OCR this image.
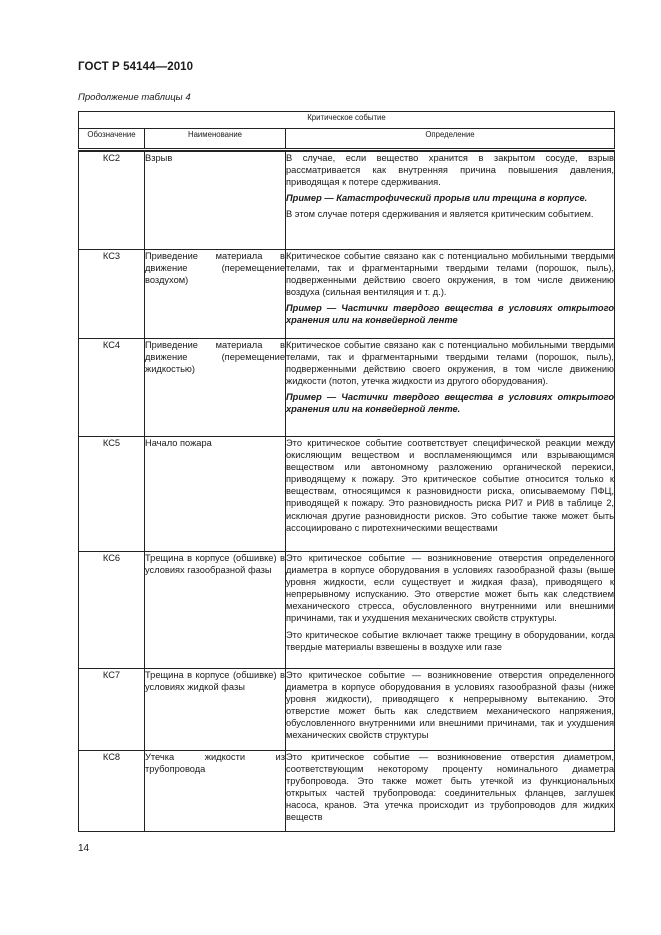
ГОСТ Р 54144—2010
Продолжение таблицы 4
Критическое событие		
Обозначение	Наименование	Определение

КС2	Взрыв	В случае, если вещество хранится в закрытом сосуде, взрыв рассматривается как внутренняя причина повышения давления, приводящая к потере сдерживания.

Пример — Катастрофический прорыв или трещина в корпусе.

В этом случае потеря сдерживания и является критическим событием.

КС3	Приведение материала в движение (перемещение воздухом)	Критическое событие связано как с потенциально мобильными твердыми телами, так и фрагментарными твердыми телами (порошок, пыль), подверженными действию своего окружения, в том числе движению воздуха (сильная вентиляция и т. д.).

Пример — Частички твердого вещества в условиях открытого хранения или на конвейерной ленте

КС4	Приведение материала в движение (перемещение жидкостью)	Критическое событие связано как с потенциально мобильными твердыми телами, так и фрагментарными твердыми телами (порошок, пыль), подверженными действию своего окружения, в том числе движению жидкости (потоп, утечка жидкости из другого оборудования).

Пример — Частички твердого вещества в условиях открытого хранения или на конвейерной ленте.

КС5	Начало пожара	Это критическое событие соответствует специфической реакции между окисляющим веществом и воспламеняющимся или взрывающимся веществом или автономному разложению органической перекиси, приводящему к пожару. Это критическое событие относится только к веществам, относящимся к разновидности риска, описываемому ПФЦ, приводящей к пожару. Это разновидность риска РИ7 и РИ8 в таблице 2, исключая другие разновидности рисков. Это событие также может быть ассоциировано с пиротехническими веществами

КС6	Трещина в корпусе (обшивке) в условиях газообразной фазы	Это критическое событие — возникновение отверстия определенного диаметра в корпусе оборудования в условиях газообразной фазы (выше уровня жидкости, если существует и жидкая фаза), приводящего к непрерывному испусканию. Это отверстие может быть как следствием механического стресса, обусловленного внутренними или внешними причинами, так и ухудшения механических свойств структуры.

Это критическое событие включает также трещину в оборудовании, когда твердые материалы взвешены в воздухе или газе

КС7	Трещина в корпусе (обшивке) в условиях жидкой фазы	Это критическое событие — возникновение отверстия определенного диаметра в корпусе оборудования в условиях газообразной фазы (ниже уровня жидкости), приводящего к непрерывному вытеканию. Это отверстие может быть как следствием механического напряжения, обусловленного внутренними или внешними причинами, так и ухудшения механических свойств структуры

КС8	Утечка жидкости из трубопровода	Это критическое событие — возникновение отверстия диаметром, соответствующим некоторому проценту номинального диаметра трубопровода. Это также может быть утечкой из функциональных открытых частей трубопровода: соединительных фланцев, заглушек насоса, кранов. Эта утечка происходит из трубопроводов для жидких веществ

14
